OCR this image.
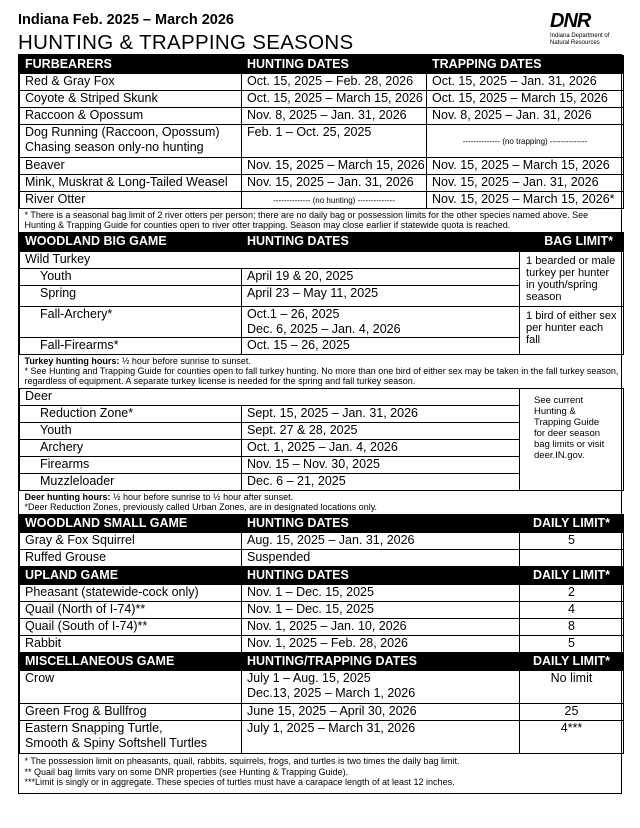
Indiana Feb. 2025 – March 2026
HUNTING & TRAPPING SEASONS
DNR
Indiana Department of Natural Resources
FURBEARERS	HUNTING DATES	TRAPPING DATES
Red & Gray Fox	Oct. 15, 2025 – Feb. 28, 2026	Oct. 15, 2025 – Jan. 31, 2026
Coyote & Striped Skunk	Oct. 15, 2025 – March 15, 2026	Oct. 15, 2025 – March 15, 2026
Raccoon & Opossum	Nov. 8, 2025 – Jan. 31, 2026	Nov. 8, 2025 – Jan. 31, 2026

Dog Running (Raccoon, Opossum)
Chasing season only-no hunting	Feb. 1 – Oct. 25, 2025	-------------- (no trapping) --------------
Beaver	Nov. 15, 2025 – March 15, 2026	Nov. 15, 2025 – March 15, 2026
Mink, Muskrat & Long-Tailed Weasel	Nov. 15, 2025 – Jan. 31, 2026	Nov. 15, 2025 – Jan. 31, 2026
River Otter	-------------- (no hunting) --------------	Nov. 15, 2025 – March 15, 2026*
* There is a seasonal bag limit of 2 river otters per person; there are no daily bag or possession limits for the other species named above. See Hunting & Trapping Guide for counties open to river otter trapping. Season may close earlier if statewide quota is reached.		
WOODLAND BIG GAME	HUNTING DATES	BAG LIMIT*
Wild Turkey		1 bearded or male turkey per hunter in youth/spring season
Youth	April 19 & 20, 2025	
Spring	April 23 – May 11, 2025	
Fall-Archery*	Oct.1 – 26, 2025
Dec. 6, 2025 – Jan. 4, 2026	1 bird of either sex per hunter each fall
Fall-Firearms*	Oct. 15 – 26, 2025	
Turkey hunting hours: ½ hour before sunrise to sunset.
* See Hunting and Trapping Guide for counties open to fall turkey hunting. No more than one bird of either sex may be taken in the fall turkey season, regardless of equipment. A separate turkey license is needed for the spring and fall turkey season.		
Deer		See current Hunting & Trapping Guide for deer season bag limits or visit deer.IN.gov.
Reduction Zone*	Sept. 15, 2025 – Jan. 31, 2026	
Youth	Sept. 27 & 28, 2025	
Archery	Oct. 1, 2025 – Jan. 4, 2026	
Firearms	Nov. 15 – Nov. 30, 2025	
Muzzleloader	Dec. 6 – 21, 2025	
Deer hunting hours: ½ hour before sunrise to ½ hour after sunset.
*Deer Reduction Zones, previously called Urban Zones, are in designated locations only.		
WOODLAND SMALL GAME	HUNTING DATES	DAILY LIMIT*
Gray & Fox Squirrel	Aug. 15, 2025 – Jan. 31, 2026	5
Ruffed Grouse	Suspended	
UPLAND GAME	HUNTING DATES	DAILY LIMIT*
Pheasant (statewide-cock only)	Nov. 1 – Dec. 15, 2025	2
Quail (North of I-74)**	Nov. 1 – Dec. 15, 2025	4
Quail (South of I-74)**	Nov. 1, 2025 – Jan. 10, 2026	8
Rabbit	Nov. 1, 2025 – Feb. 28, 2026	5
MISCELLANEOUS GAME	HUNTING/TRAPPING DATES	DAILY LIMIT*
Crow	July 1 – Aug. 15, 2025
Dec.13, 2025 – March 1, 2026	No limit
Green Frog & Bullfrog	June 15, 2025 – April 30, 2026	25

Eastern Snapping Turtle,
Smooth & Spiny Softshell Turtles	July 1, 2025 – March 31, 2026	4***

* The possession limit on pheasants, quail, rabbits, squirrels, frogs, and turtles is two times the daily bag limit.
** Quail bag limits vary on some DNR properties (see Hunting & Trapping Guide).
***Limit is singly or in aggregate. These species of turtles must have a carapace length of at least 12 inches.		
